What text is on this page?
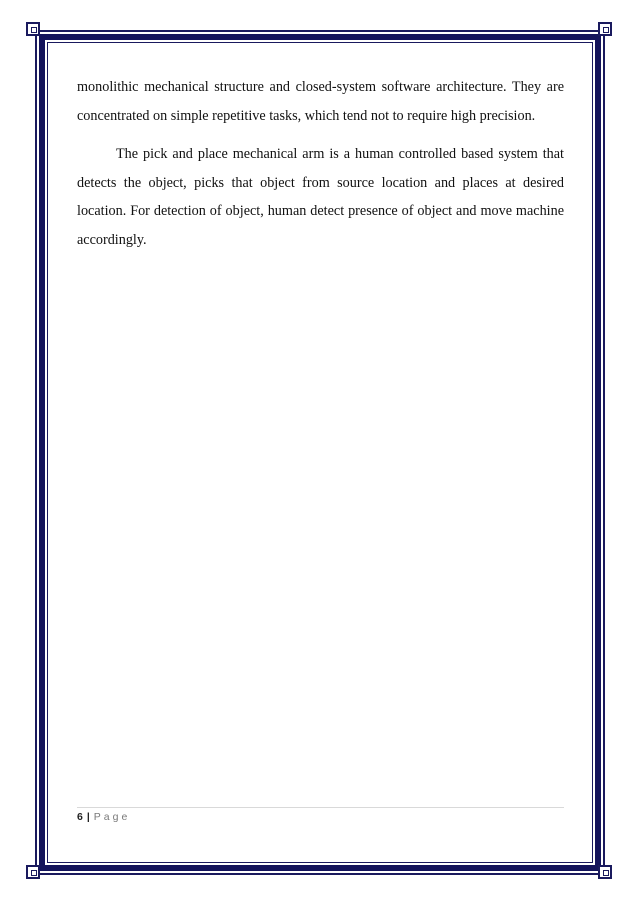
monolithic mechanical structure and closed-system software architecture. They are concentrated on simple repetitive tasks, which tend not to require high precision.

The pick and place mechanical arm is a human controlled based system that detects the object, picks that object from source location and places at desired location. For detection of object, human detect presence of object and move machine accordingly.

6 | Page
